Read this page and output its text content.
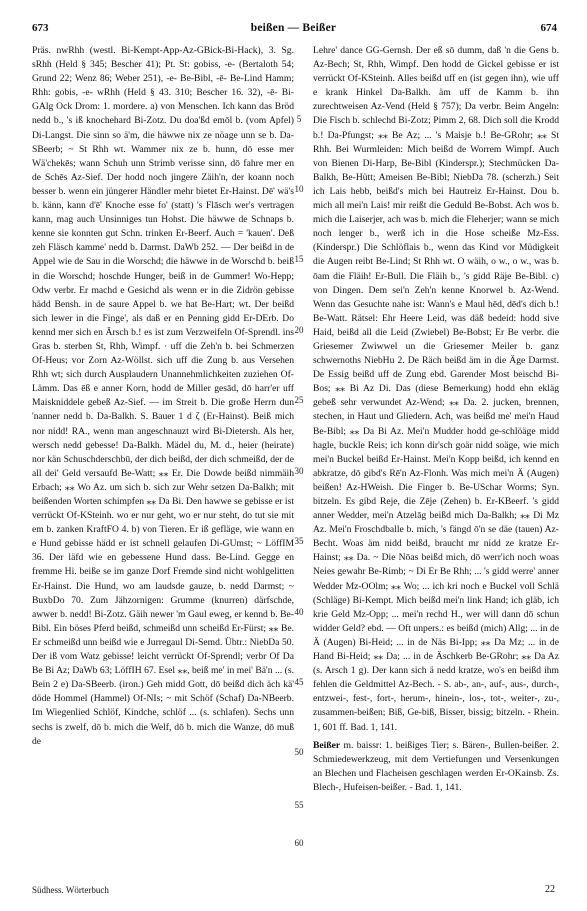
673	beißen — Beißer	674

Präs. nwRhh (westl. Bi-Kempt-App-Az-GBick-Bi-Hack), 3. Sg. sRhh (Held § 345; Bescher 41); Pt. St: gobiss, -e- (Bertaloth 54; Grund 22; Wenz 86; Weber 251), -e- Be-Bibl, -ē- Be-Lind Hamm; Rhh: gobis, -e- wRhh (Held § 43. 310; Bescher 16. 32), -ē- Bi-GAlg Ock Drom: 1. mordere. a) von Menschen. Ich kann das Bröd nedd b., 's iß knochehard Bi-Zotz. Du doa'ßd emōl b. (vom Apfel) Di-Langst. Die sinn so ä'm, die häwwe nix ze nöage unn se b. Da-SBeerb; ~ St Rhh wt. Wammer nix ze b. hunn, dō esse mer Wä'chekēs; wann Schuh unn Strimb verisse sinn, dō fahre mer en de Schēs Az-Sief. Der hodd noch jingere Zäih'n, der koann noch besser b. wenn ein jüngerer Händler mehr bietet Er-Hainst. Dē' wä's b. känn, kann d'ē' Knoche esse fo' (statt) 's Flāsch wer's vertragen kann, mag auch Unsinniges tun Hohst. Die häwwe de Schnaps b. kenne sie konnten gut Schn. trinken Er-Beerf. Auch = 'kauen'. Deß zeh Fläsch kamme' nedd b. Darmst. DaWb 252. — Der beißd in de Appel wie de Sau in die Worschd; die häwwe in de Worschd b. beiß in die Worschd; hoschde Hunger, beiß in de Gummer! Wo-Hepp; Odw verbr. Er machd e Gesichd als wenn er in die Zidrön gebisse hädd Bensh. in de saure Appel b. we hat Be-Hart; wt. Der beißd sich lewer in die Finge', als daß er en Penning gidd Er-DErb. Do kennd mer sich en Ārsch b.! es ist zum Verzweifeln Of-Sprendl. ins Gras b. sterben St, Rhh, Wimpf. · uff die Zeh'n b. bei Schmerzen Of-Heus; vor Zorn Az-Wöllst. sich uff die Zung b. aus Versehen Rhh wt; sich durch Ausplaudern Unannehmlichkeiten zuziehen Of-Lämm. Das ēß e anner Korn, hodd de Miller gesād, dō harr'er uff Maiskniddele gebeß Az-Sief. — im Streit b. Die große Herrn dun 'nanner nedd b. Da-Balkh. S. Bauer 1 d ζ (Er-Hainst). Beiß mich nor nidd! RA., wenn man angeschnauzt wird Bi-Dietersh. Als her, wersch nedd gebesse! Da-Balkh. Mädel du, M. d., heier (heirate) nor kän Schuschderschbū, der dich beißd, der dich schmeißd, der de all dei' Geld versaufd Be-Watt; ⁎⁎ Er. Die Dowde beißd nimmäih Erbach; ⁎⁎ Wo Az. um sich b. sich zur Wehr setzen Da-Balkh; mit beißenden Worten schimpfen ⁎⁎ Da Bi. Den hawwe se gebisse er ist verrückt Of-KSteinh. wo er nur geht, wo er nur steht, do tut sie mit em b. zanken KraftFO 4. b) von Tieren. Er iß gefläge, wie wann en e Hund gebisse hädd er ist schnell gelaufen Di-GUmst; ~ LöffIM 36. Der läfd wie en gebessene Hund dass. Be-Lind. Gegge en fremme Hi. beiße se im ganze Dorf Fremde sind nicht wohlgelitten Er-Hainst. Die Hund, wo am laudsde gauze, b. nedd Darmst; ~ BuxbDo 70. Zum Jähzornigen: Grumme (knurren) därfschde, awwer b. nedd! Bi-Zotz. Gäih newer 'm Gaul eweg, er kennd b. Be-Bibl. Ein böses Pferd beißd, schmeißd unn scheißd Er-Fürst; ⁎⁎ Be. Er schmeißd unn beißd wie e Jurregaul Di-Semd. Übtr.: NiebDa 50. Der iß vom Watz gebisse! leicht verrückt Of-Sprendl; verbr Of Da Be Bi Az; DaWb 63; LöffIH 67. Esel ⁎⁎, beiß me' in mei' Bä'n ... (s. Bein 2 e) Da-SBeerb. (iron.) Geh midd Gott, dō beißd dich äch kä' döde Hommel (Hammel) Of-NIs; ~ mit Schöf (Schaf) Da-NBeerb. Im Wiegenlied Schlöf, Kindche, schlöf ... (s. schlafen). Sechs unn sechs is zwelf, dō b. mich die Welf, dō b. mich die Wanze, dō muß de

5
10
15
20
25
30
35
40
45
50
55
60

Lehre' dance GG-Gernsh. Der eß sō dumm, daß 'n die Gens b. Az-Bech; St, Rhh, Wimpf. Den hodd de Gickel gebisse er ist verrückt Of-KSteinh. Alles beißd uff en (ist gegen ihn), wie uff e krank Hinkel Da-Balkh. äm uff de Kamm b. ihn zurechtweisen Az-Vend (Held § 757); Da verbr. Beim Angeln: Die Fisch b. schlechd Bi-Zotz; Pimm 2, 68. Dich soll die Krodd b.! Da-Pfungst; ⁎⁎ Be Az; ... 's Maisje b.! Be-GRohr; ⁎⁎ St Rhh. Bei Wurmleiden: Mich beißd de Worrem Wimpf. Auch von Bienen Di-Harp, Be-Bibl (Kinderspr.); Stechmücken Da-Balkh, Be-Hütt; Ameisen Be-Bibl; NiebDa 78. (scherzh.) Seit ich Lais hebb, beißd's mich bei Hautreiz Er-Hainst. Dou b. mich all mei'n Lais! mir reißt die Geduld Be-Bobst. Ach wos b. mich die Laiserjer, ach was b. mich die Fleherjer; wann se mich noch lenger b., werß ich in die Hose scheiße Mz-Ess. (Kinderspr.) Die Schlöflais b., wenn das Kind vor Müdigkeit die Augen reibt Be-Lind; St Rhh wt. O wäih, o w., o w., was b. ōam die Fläih! Er-Bull. Die Fläih b., 's gidd Räje Be-Bibl. c) von Dingen. Dem sei'n Zeh'n kenne Knorwel b. Az-Wend. Wenn das Gesuchte nahe ist: Wann's e Maul hēd, dēd's dich b.! Be-Watt. Rätsel: Ehr Heere Leid, was däß bedeid: hodd sive Haid, beißd all die Leid (Zwiebel) Be-Bobst; Er Be verbr. die Griesemer Zwiwwel un die Griesemer Meiler b. ganz schwernoths NiebHu 2. De Räch beißd äm in die Äge Darmst. De Essig beißd uff de Zung ebd. Garender Most beischd Bi-Bos; ⁎⁎ Bi Az Di. Das (diese Bemerkung) hodd ehn ekläg gebeß sehr verwundet Az-Wend; ⁎⁎ Da. 2. jucken, brennen, stechen, in Haut und Gliedern. Ach, was beißd me' mei'n Haud Be-Bibl; ⁎⁎ Da Bi Az. Mei'n Mudder hodd ge-schlöäge midd hagle, buckle Reis; ich konn dir'sch goär nidd soäge, wie mich mei'n Buckel beißd Er-Hainst. Mei'n Kopp beißd, ich kennd en abkratze, dō gibd's Rē'n Az-Flonh. Was mich mei'n Ä (Augen) beißen! Az-HWeish. Die Finger b. Be-USchar Worms; Syn. bitzeln. Es gibd Reje, die Zēje (Zehen) b. Er-KBeerf. 's gidd anner Wedder, mei'n Atzelāg beißd mich Da-Balkh; ⁎⁎ Di Mz Az. Mei'n Froschdballe b. mich, 's fängd ō'n se däe (tauen) Az-Becht. Woas äm nidd beißd, braucht mr nidd ze kratze Er-Hainst; ⁎⁎ Da. ~ Die Nōas beißd mich, dō werr'ich noch woas Neies gewahr Be-Rimb; ~ Di Er Be Rhh; ... 's gidd werre' anner Wedder Mz-OOlm; ⁎⁎ Wo; ... ich kri noch e Buckel voll Schlä (Schläge) Bi-Kempt. Mich beißd mei'n link Hand; ich gläb, ich krie Geld Mz-Opp; ... mei'n rechd H., wer will dann dō schun widder Geld? ebd. — Oft unpers.: es beißd (mich) Allg; ... in de Ä (Augen) Bi-Heid; ... in de Näs Bi-Ipp; ⁎⁎ Da Mz; ... in de Hand Bi-Heid; ⁎⁎ Da; ... in de Äschkerb Be-GRohr; ⁎⁎ Da Az (s. Arsch 1 g). Der kann sich ä nedd kratze, wo's en beißd ihm fehlen die Geldmittel Az-Bech. - S. ab-, an-, auf-, aus-, durch-, entzwei-, fest-, fort-, herum-, hinein-, los-, tot-, weiter-, zu-, zusammen-beißen; Biß, Ge-biß, Bisser, bissig; bitzeln. - Rhein. 1, 601 ff. Bad. 1, 141.

Beißer m. baissr: 1. beißiges Tier; s. Bären-, Bullen-beißer. 2. Schmiedewerkzeug, mit dem Vertiefungen und Versenkungen an Blechen und Flacheisen geschlagen werden Er-OKainsb. Zs. Blech-, Hufeisen-beißer. - Bad. 1, 141.

Südhess. Wörterbuch	22
